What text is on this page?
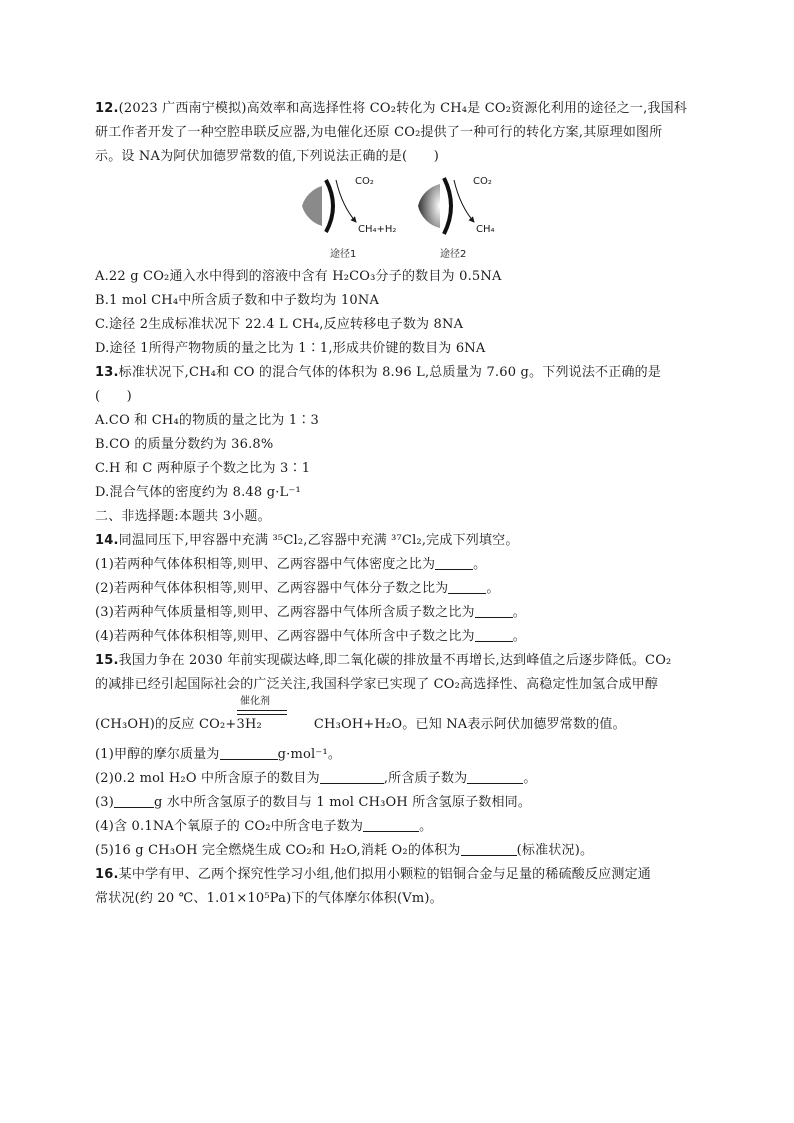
12.(2023 广西南宁模拟)高效率和高选择性将 CO₂转化为 CH₄是 CO₂资源化利用的途径之一,我国科
研工作者开发了一种空腔串联反应器,为电催化还原 CO₂提供了一种可行的转化方案,其原理如图所
示。设 NA为阿伏加德罗常数的值,下列说法正确的是(　　)
CO₂
CH₄+H₂
途径1
CO₂
CH₄
途径2
A.22 g CO₂通入水中得到的溶液中含有 H₂CO₃分子的数目为 0.5NA
B.1 mol CH₄中所含质子数和中子数均为 10NA
C.途径 2生成标准状况下 22.4 L CH₄,反应转移电子数为 8NA
D.途径 1所得产物物质的量之比为 1∶1,形成共价键的数目为 6NA
13.标准状况下,CH₄和 CO 的混合气体的体积为 8.96 L,总质量为 7.60 g。下列说法不正确的是
(　　)
A.CO 和 CH₄的物质的量之比为 1∶3
B.CO 的质量分数约为 36.8%
C.H 和 C 两种原子个数之比为 3∶1
D.混合气体的密度约为 8.48 g·L⁻¹
二、非选择题:本题共 3小题。
14.同温同压下,甲容器中充满 ³⁵Cl₂,乙容器中充满 ³⁷Cl₂,完成下列填空。
(1)若两种气体体积相等,则甲、乙两容器中气体密度之比为	。
(2)若两种气体体积相等,则甲、乙两容器中气体分子数之比为	。
(3)若两种气体质量相等,则甲、乙两容器中气体所含质子数之比为	。
(4)若两种气体体积相等,则甲、乙两容器中气体所含中子数之比为	。
15.我国力争在 2030 年前实现碳达峰,即二氧化碳的排放量不再增长,达到峰值之后逐步降低。CO₂
的减排已经引起国际社会的广泛关注,我国科学家已实现了 CO₂高选择性、高稳定性加氢合成甲醇
催化剂
(CH₃OH)的反应 CO₂+3H₂	CH₃OH+H₂O。已知 NA表示阿伏加德罗常数的值。
(1)甲醇的摩尔质量为	g·mol⁻¹。
(2)0.2 mol H₂O 中所含原子的数目为	,所含质子数为	。
(3)	g 水中所含氢原子的数目与 1 mol CH₃OH 所含氢原子数相同。
(4)含 0.1NA个氧原子的 CO₂中所含电子数为	。
(5)16 g CH₃OH 完全燃烧生成 CO₂和 H₂O,消耗 O₂的体积为	(标准状况)。
16.某中学有甲、乙两个探究性学习小组,他们拟用小颗粒的铝铜合金与足量的稀硫酸反应测定通
常状况(约 20 ℃、1.01×10⁵Pa)下的气体摩尔体积(Vm)。
